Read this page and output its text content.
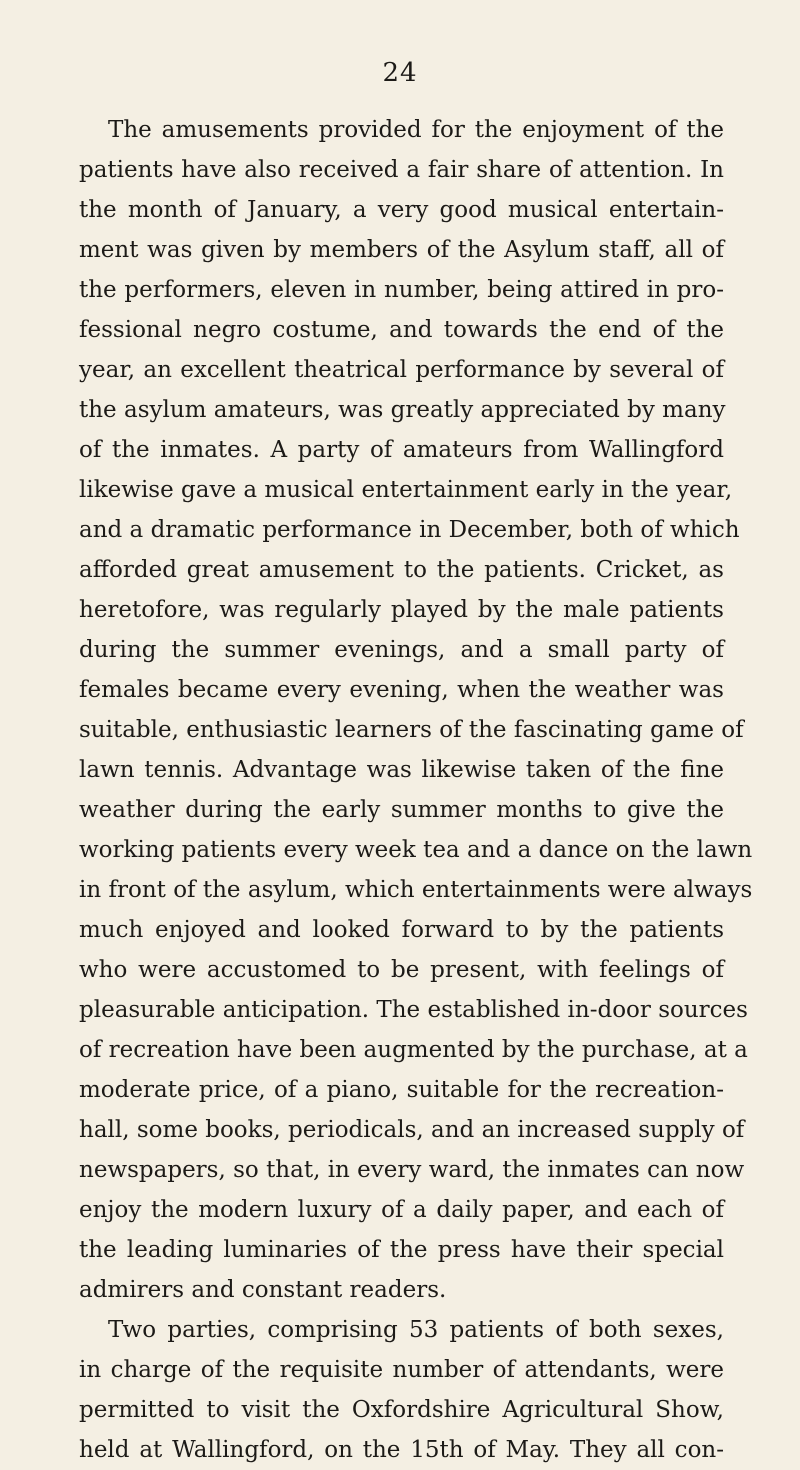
24
The amusements provided for the enjoyment of the
patients have also received a fair share of attention. In
the month of January, a very good musical entertain-
ment was given by members of the Asylum staff, all of
the performers, eleven in number, being attired in pro-
fessional negro costume, and towards the end of the
year, an excellent theatrical performance by several of
the asylum amateurs, was greatly appreciated by many
of the inmates. A party of amateurs from Wallingford
likewise gave a musical entertainment early in the year,
and a dramatic performance in December, both of which
afforded great amusement to the patients. Cricket, as
heretofore, was regularly played by the male patients
during the summer evenings, and a small party of
females became every evening, when the weather was
suitable, enthusiastic learners of the fascinating game of
lawn tennis. Advantage was likewise taken of the fine
weather during the early summer months to give the
working patients every week tea and a dance on the lawn
in front of the asylum, which entertainments were always
much enjoyed and looked forward to by the patients
who were accustomed to be present, with feelings of
pleasurable anticipation. The established in-door sources
of recreation have been augmented by the purchase, at a
moderate price, of a piano, suitable for the recreation-
hall, some books, periodicals, and an increased supply of
newspapers, so that, in every ward, the inmates can now
enjoy the modern luxury of a daily paper, and each of
the leading luminaries of the press have their special
admirers and constant readers.
Two parties, comprising 53 patients of both sexes,
in charge of the requisite number of attendants, were
permitted to visit the Oxfordshire Agricultural Show,
held at Wallingford, on the 15th of May. They all con-
